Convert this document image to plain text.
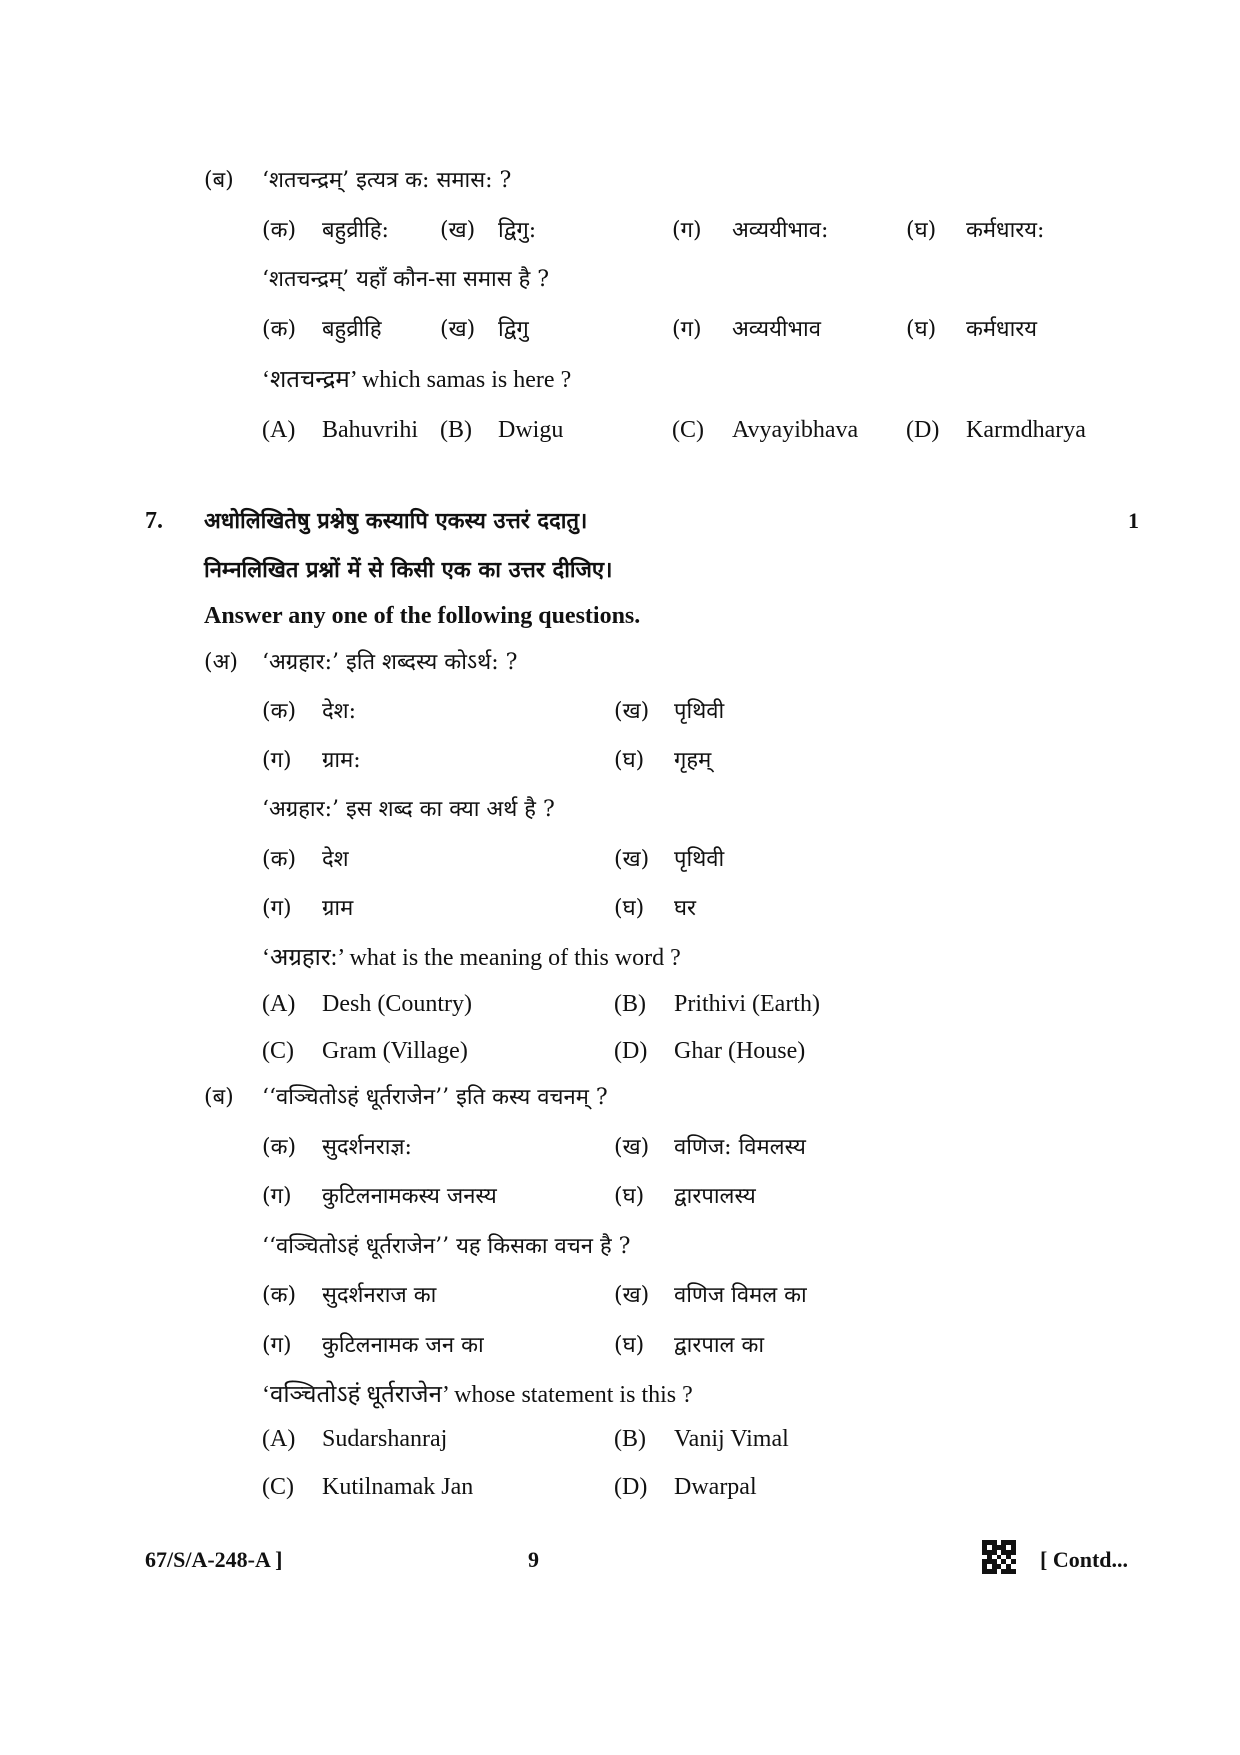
(ब) ‘शतचन्द्रम्’ इत्यत्र क: समास: ?
(क) बहुव्रीहि: (ख) द्विगु:	(ग) अव्ययीभाव:	(घ) कर्मधारय:
‘शतचन्द्रम्’ यहाँ कौन-सा समास है ?
(क) बहुव्रीहि	(ख) द्विगु	(ग) अव्ययीभाव	(घ) कर्मधारय
‘शतचन्द्रम’ which samas is here ?
(A) Bahuvrihi (B) Dwigu	(C) Avyayibhava (D) Karmdharya
7. अधोलिखितेषु प्रश्नेषु कस्यापि एकस्य उत्तरं ददातु।	1
निम्नलिखित प्रश्नों में से किसी एक का उत्तर दीजिए।
Answer any one of the following questions.
(अ) ‘अग्रहार:’ इति शब्दस्य कोऽर्थ: ?
(क) देश:	(ख) पृथिवी
(ग) ग्राम:	(घ) गृहम्
‘अग्रहार:’ इस शब्द का क्या अर्थ है ?
(क) देश	(ख) पृथिवी
(ग) ग्राम	(घ) घर
‘अग्रहार:’ what is the meaning of this word ?
(A) Desh (Country)	(B) Prithivi (Earth)
(C) Gram (Village)	(D) Ghar (House)
(ब) ‘‘वञ्चितोऽहं धूर्तराजेन’’ इति कस्य वचनम् ?
(क) सुदर्शनराज्ञ:	(ख) वणिज: विमलस्य
(ग) कुटिलनामकस्य जनस्य	(घ) द्वारपालस्य
‘‘वञ्चितोऽहं धूर्तराजेन’’ यह किसका वचन है ?
(क) सुदर्शनराज का	(ख) वणिज विमल का
(ग) कुटिलनामक जन का	(घ) द्वारपाल का
‘वञ्चितोऽहं धूर्तराजेन’ whose statement is this ?
(A) Sudarshanraj	(B) Vanij Vimal
(C) Kutilnamak Jan	(D) Dwarpal
67/S/A-248-A ]	9	[ Contd...
